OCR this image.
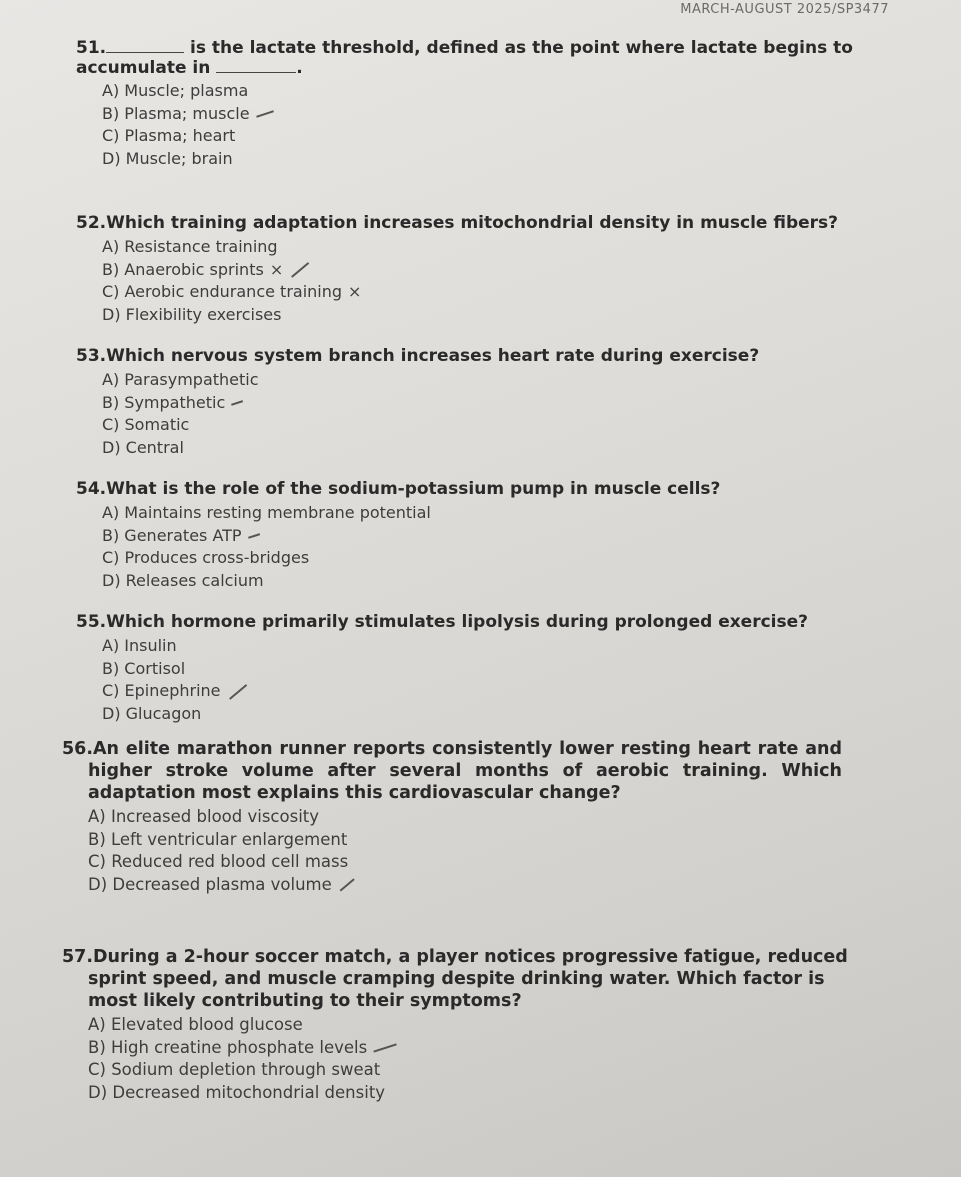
MARCH-AUGUST 2025/SP3477
51.	is the lactate threshold, defined as the point where lactate begins to accumulate in	.
A) Muscle; plasma
B) Plasma; muscle
C) Plasma; heart
D) Muscle; brain
52.Which training adaptation increases mitochondrial density in muscle fibers?
A) Resistance training
B) Anaerobic sprints ×
C) Aerobic endurance training ×
D) Flexibility exercises
53.Which nervous system branch increases heart rate during exercise?
A) Parasympathetic
B) Sympathetic
C) Somatic
D) Central
54.What is the role of the sodium-potassium pump in muscle cells?
A) Maintains resting membrane potential
B) Generates ATP
C) Produces cross-bridges
D) Releases calcium
55.Which hormone primarily stimulates lipolysis during prolonged exercise?
A) Insulin
B) Cortisol
C) Epinephrine
D) Glucagon
56.An elite marathon runner reports consistently lower resting heart rate and higher stroke volume after several months of aerobic training. Which adaptation most explains this cardiovascular change?
A) Increased blood viscosity
B) Left ventricular enlargement
C) Reduced red blood cell mass
D) Decreased plasma volume
57.During a 2-hour soccer match, a player notices progressive fatigue, reduced sprint speed, and muscle cramping despite drinking water. Which factor is most likely contributing to their symptoms?
A) Elevated blood glucose
B) High creatine phosphate levels
C) Sodium depletion through sweat
D) Decreased mitochondrial density
